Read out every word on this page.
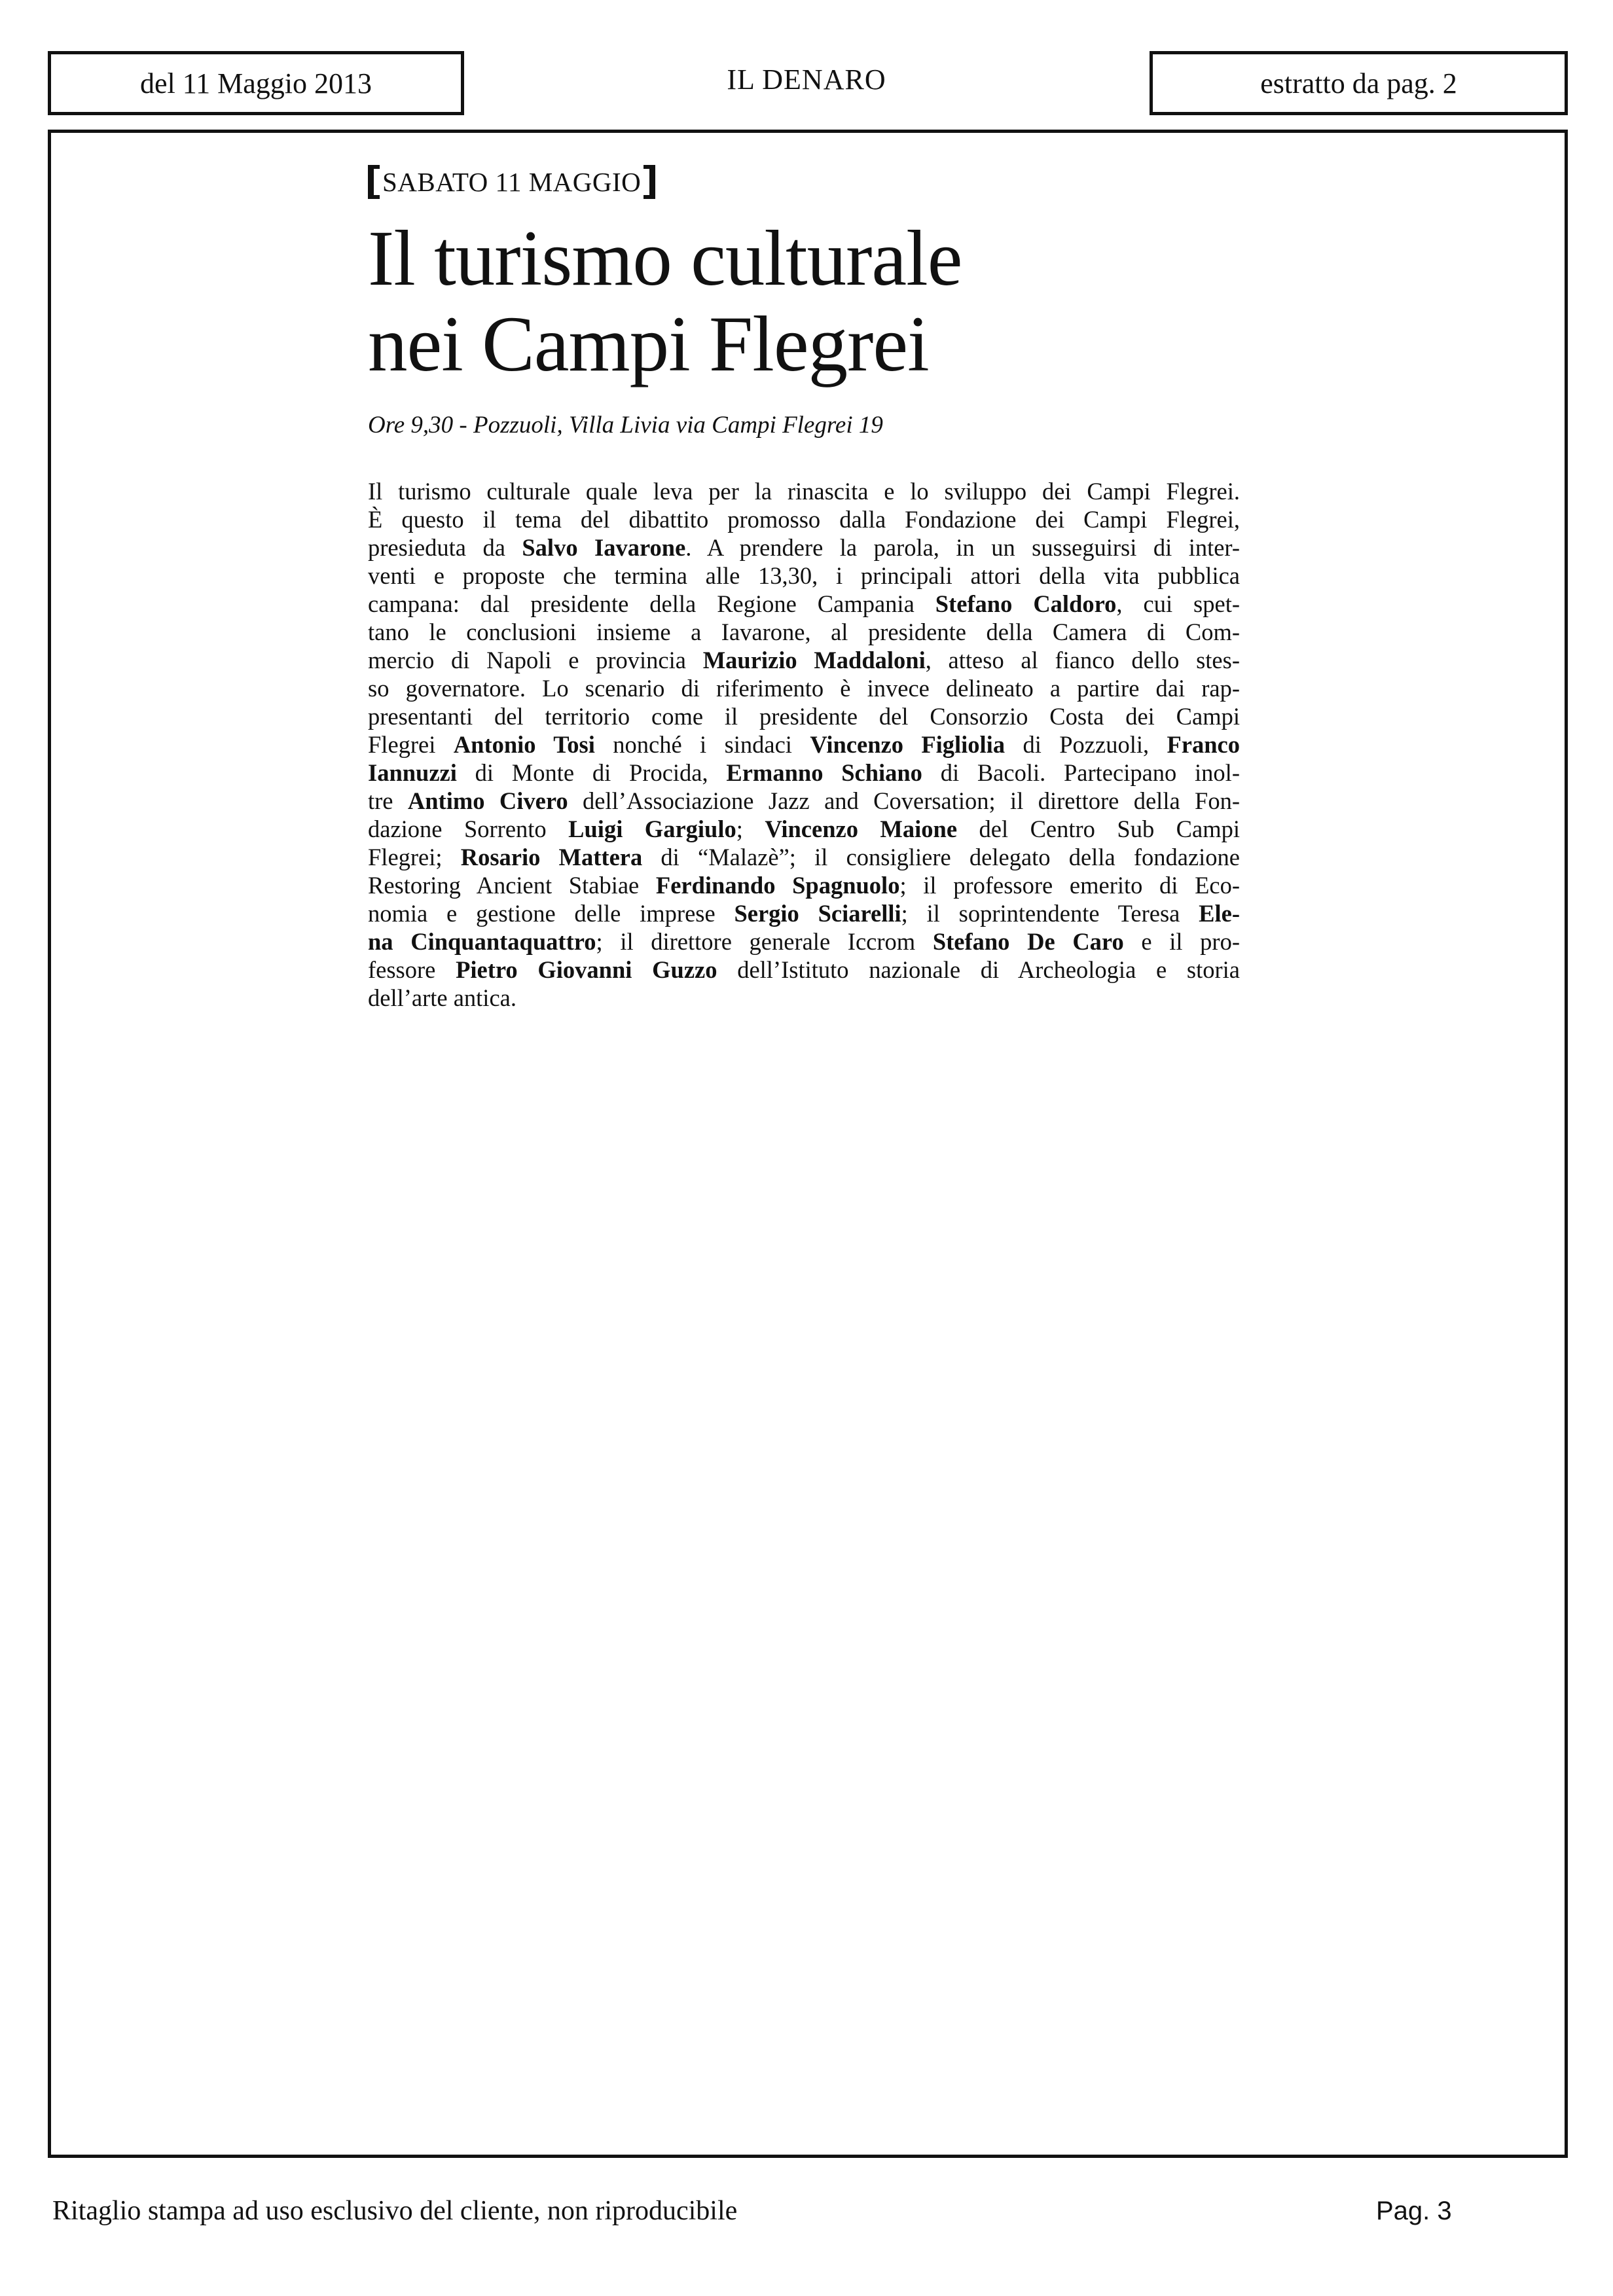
del 11 Maggio 2013	IL DENARO	estratto da pag. 2
SABATO 11 MAGGIO
Il turismo culturale
nei Campi Flegrei
Ore 9,30 - Pozzuoli, Villa Livia via Campi Flegrei 19
Il turismo culturale quale leva per la rinascita e lo sviluppo dei Campi Flegrei.
È questo il tema del dibattito promosso dalla Fondazione dei Campi Flegrei,
presieduta da Salvo Iavarone. A prendere la parola, in un susseguirsi di inter-
venti e proposte che termina alle 13,30, i principali attori della vita pubblica
campana: dal presidente della Regione Campania Stefano Caldoro, cui spet-
tano le conclusioni insieme a Iavarone, al presidente della Camera di Com-
mercio di Napoli e provincia Maurizio Maddaloni, atteso al fianco dello stes-
so governatore. Lo scenario di riferimento è invece delineato a partire dai rap-
presentanti del territorio come il presidente del Consorzio Costa dei Campi
Flegrei Antonio Tosi nonché i sindaci Vincenzo Figliolia di Pozzuoli, Franco
Iannuzzi di Monte di Procida, Ermanno Schiano di Bacoli. Partecipano inol-
tre Antimo Civero dell’Associazione Jazz and Coversation; il direttore della Fon-
dazione Sorrento Luigi Gargiulo; Vincenzo Maione del Centro Sub Campi
Flegrei; Rosario Mattera di “Malazè”; il consigliere delegato della fondazione
Restoring Ancient Stabiae Ferdinando Spagnuolo; il professore emerito di Eco-
nomia e gestione delle imprese Sergio Sciarelli; il soprintendente Teresa Ele-
na Cinquantaquattro; il direttore generale Iccrom Stefano De Caro e il pro-
fessore Pietro Giovanni Guzzo dell’Istituto nazionale di Archeologia e storia
dell’arte antica.
Ritaglio stampa ad uso esclusivo del cliente, non riproducibile	Pag. 3
